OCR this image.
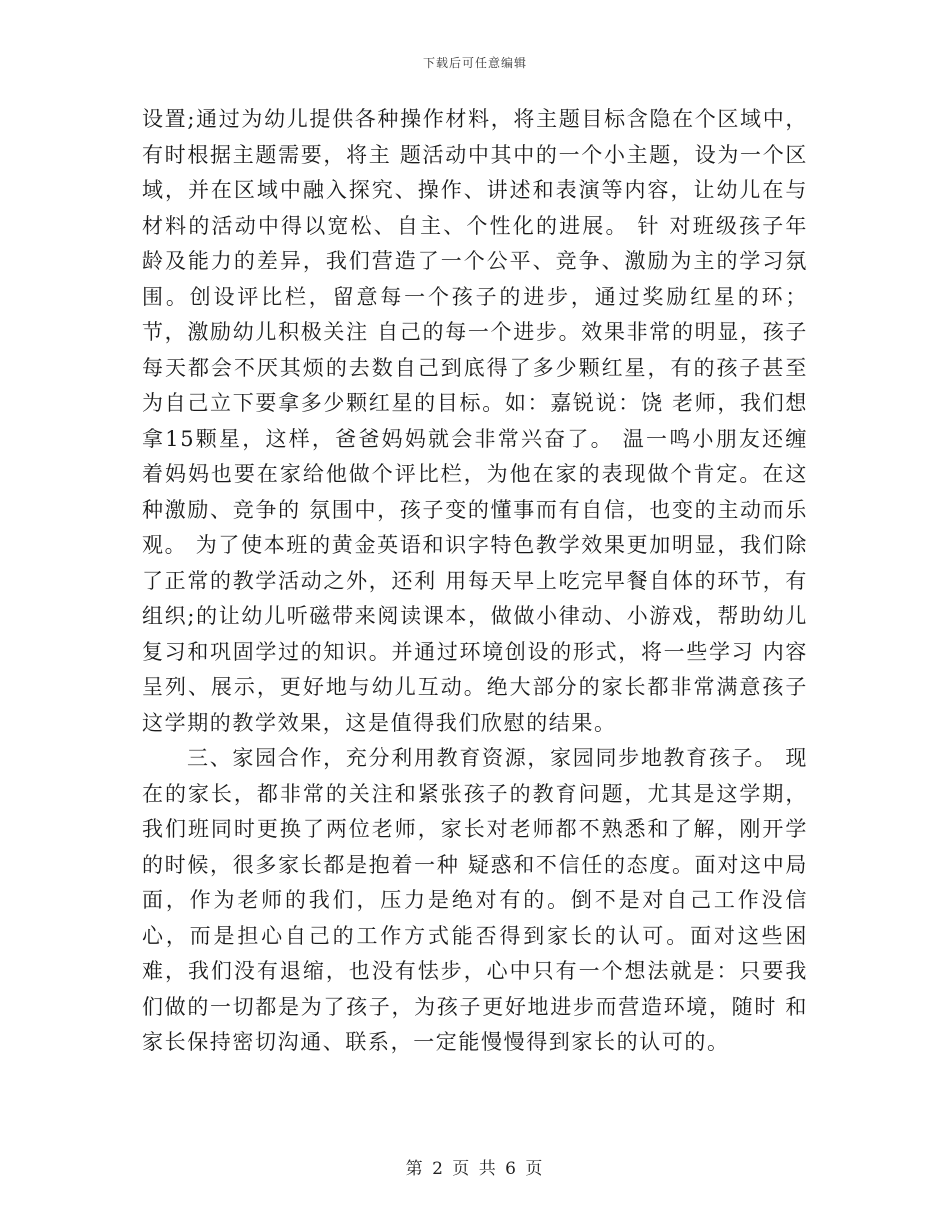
下载后可任意编辑

设置;通过为幼儿提供各种操作材料，将主题目标含隐在个区域中，有时根据主题需要，将主 题活动中其中的一个小主题，设为一个区域，并在区域中融入探究、操作、讲述和表演等内容，让幼儿在与材料的活动中得以宽松、自主、个性化的进展。 针 对班级孩子年龄及能力的差异，我们营造了一个公平、竞争、激励为主的学习氛围。创设评比栏，留意每一个孩子的进步，通过奖励红星的环；节，激励幼儿积极关注 自己的每一个进步。效果非常的明显，孩子每天都会不厌其烦的去数自己到底得了多少颗红星，有的孩子甚至为自己立下要拿多少颗红星的目标。如：嘉锐说：饶 老师，我们想拿15颗星，这样，爸爸妈妈就会非常兴奋了。 温一鸣小朋友还缠着妈妈也要在家给他做个评比栏，为他在家的表现做个肯定。在这种激励、竞争的 氛围中，孩子变的懂事而有自信，也变的主动而乐观。 为了使本班的黄金英语和识字特色教学效果更加明显，我们除了正常的教学活动之外，还利 用每天早上吃完早餐自体的环节，有组织;的让幼儿听磁带来阅读课本，做做小律动、小游戏，帮助幼儿复习和巩固学过的知识。并通过环境创设的形式，将一些学习 内容呈列、展示，更好地与幼儿互动。绝大部分的家长都非常满意孩子这学期的教学效果，这是值得我们欣慰的结果。

三、家园合作，充分利用教育资源，家园同步地教育孩子。 现在的家长，都非常的关注和紧张孩子的教育问题，尤其是这学期，我们班同时更换了两位老师，家长对老师都不熟悉和了解，刚开学的时候，很多家长都是抱着一种 疑惑和不信任的态度。面对这中局面，作为老师的我们，压力是绝对有的。倒不是对自己工作没信心，而是担心自己的工作方式能否得到家长的认可。面对这些困 难，我们没有退缩，也没有怯步，心中只有一个想法就是：只要我们做的一切都是为了孩子，为孩子更好地进步而营造环境，随时 和家长保持密切沟通、联系，一定能慢慢得到家长的认可的。

第 2 页 共 6 页
